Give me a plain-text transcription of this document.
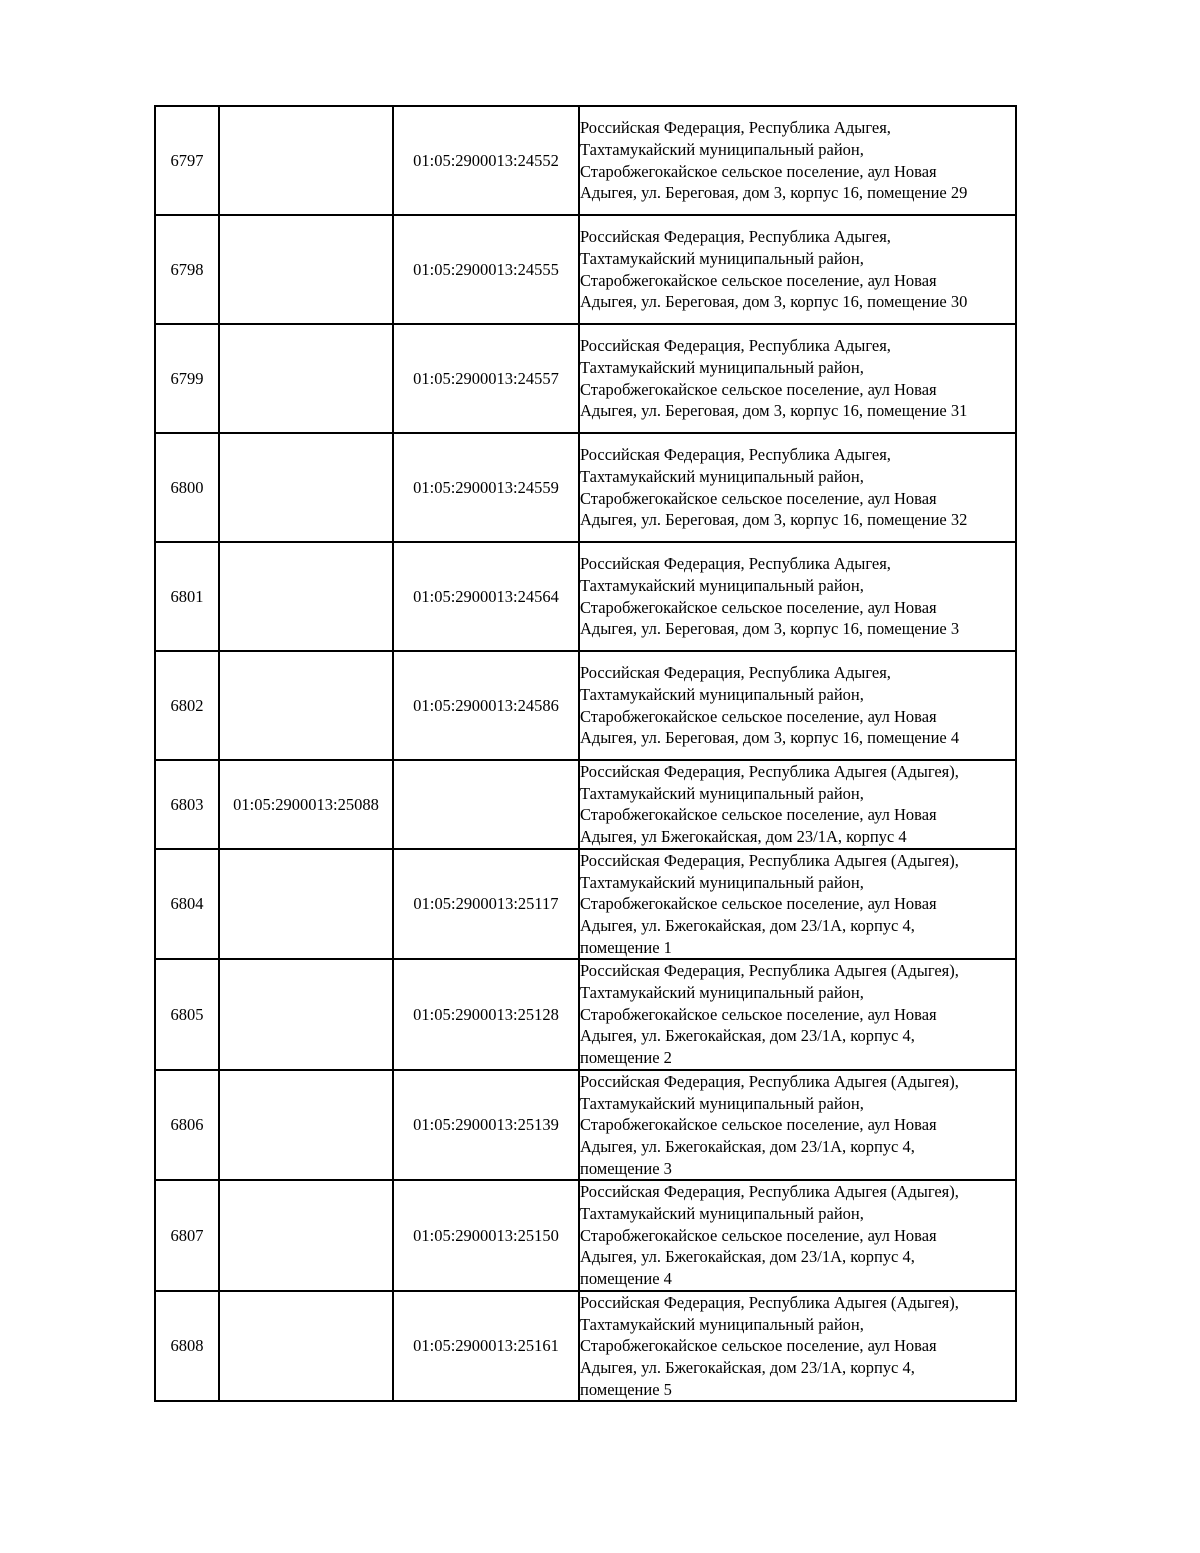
6797		01:05:2900013:24552	Российская Федерация, Республика Адыгея,
Тахтамукайский муниципальный район,
Старобжегокайское сельское поселение, аул Новая
Адыгея, ул. Береговая, дом 3, корпус 16, помещение 29

6798		01:05:2900013:24555	Российская Федерация, Республика Адыгея,
Тахтамукайский муниципальный район,
Старобжегокайское сельское поселение, аул Новая
Адыгея, ул. Береговая, дом 3, корпус 16, помещение 30

6799		01:05:2900013:24557	Российская Федерация, Республика Адыгея,
Тахтамукайский муниципальный район,
Старобжегокайское сельское поселение, аул Новая
Адыгея, ул. Береговая, дом 3, корпус 16, помещение 31

6800		01:05:2900013:24559	Российская Федерация, Республика Адыгея,
Тахтамукайский муниципальный район,
Старобжегокайское сельское поселение, аул Новая
Адыгея, ул. Береговая, дом 3, корпус 16, помещение 32

6801		01:05:2900013:24564	Российская Федерация, Республика Адыгея,
Тахтамукайский муниципальный район,
Старобжегокайское сельское поселение, аул Новая
Адыгея, ул. Береговая, дом 3, корпус 16, помещение 3

6802		01:05:2900013:24586	Российская Федерация, Республика Адыгея,
Тахтамукайский муниципальный район,
Старобжегокайское сельское поселение, аул Новая
Адыгея, ул. Береговая, дом 3, корпус 16, помещение 4

6803	01:05:2900013:25088		Российская Федерация, Республика Адыгея (Адыгея),
Тахтамукайский муниципальный район,
Старобжегокайское сельское поселение, аул Новая
Адыгея, ул Бжегокайская, дом 23/1А, корпус 4

6804		01:05:2900013:25117	Российская Федерация, Республика Адыгея (Адыгея),
Тахтамукайский муниципальный район,
Старобжегокайское сельское поселение, аул Новая
Адыгея, ул. Бжегокайская, дом 23/1А, корпус 4,
помещение 1

6805		01:05:2900013:25128	Российская Федерация, Республика Адыгея (Адыгея),
Тахтамукайский муниципальный район,
Старобжегокайское сельское поселение, аул Новая
Адыгея, ул. Бжегокайская, дом 23/1А, корпус 4,
помещение 2

6806		01:05:2900013:25139	Российская Федерация, Республика Адыгея (Адыгея),
Тахтамукайский муниципальный район,
Старобжегокайское сельское поселение, аул Новая
Адыгея, ул. Бжегокайская, дом 23/1А, корпус 4,
помещение 3

6807		01:05:2900013:25150	Российская Федерация, Республика Адыгея (Адыгея),
Тахтамукайский муниципальный район,
Старобжегокайское сельское поселение, аул Новая
Адыгея, ул. Бжегокайская, дом 23/1А, корпус 4,
помещение 4

6808		01:05:2900013:25161	Российская Федерация, Республика Адыгея (Адыгея),
Тахтамукайский муниципальный район,
Старобжегокайское сельское поселение, аул Новая
Адыгея, ул. Бжегокайская, дом 23/1А, корпус 4,
помещение 5
